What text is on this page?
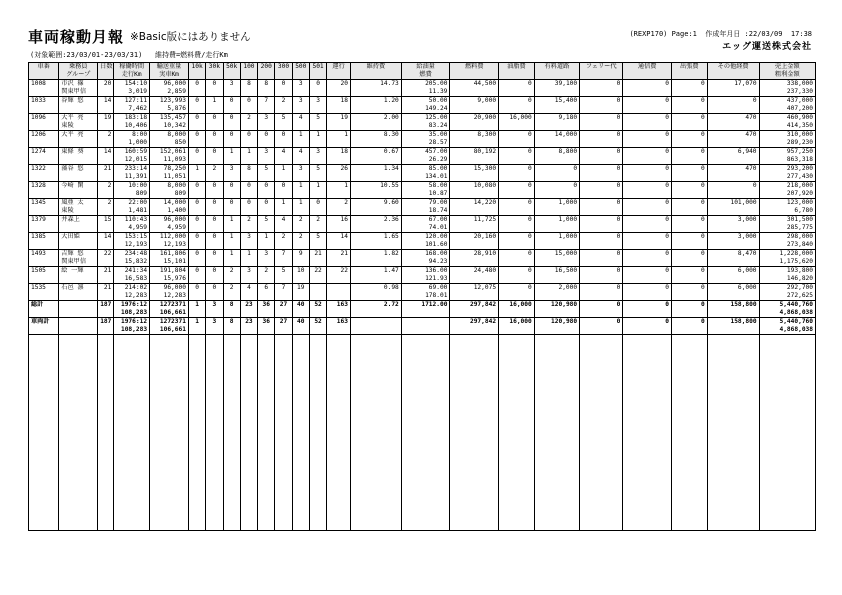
車両稼動月報 ※Basic版にはありません	(REXP170) Page:1 作成年月日 :22/03/09 17:38
エッグ運送株式会社
(対象範囲:23/03/01-23/03/31) 維持費=燃料費/走行Km
車番	乗務員
グループ	日数	稼働時間
走行Km	輸送重量
実車Km	10k	30k	50k	100	200	300	500	501	運行	維持費	給油量
燃費	燃料費	油脂費	有料道路	フェリー代	通信費	出張費	その他経費	売上金額
粗利金額

1008	市沢 篠
関東甲信	20	154:10
3,019	96,000
2,859	0	0	3	8	8	0	3	0	20	14.73	205.00
11.39	44,500	0	39,100	0	0	0	17,070	338,000
237,330

1033	谷輝 悠	14	127:11
7,462	123,993
5,876	0	1	0	0	7	2	3	3	18	1.20	50.00
149.24	9,000	0	15,400	0	0	0	0	437,000
407,200

1096	大平 亮
東陵	19	183:18
10,406	135,457
10,342	0	0	0	2	3	5	4	5	19	2.00	125.00
83.24	20,900	16,000	9,180	0	0	0	470	460,900
414,350

1206	大平 亮	2	8:00
1,000	8,000
850	0	0	0	0	0	0	1	1	1	8.30	35.00
28.57	8,300	0	14,000	0	0	0	470	310,000
289,230

1274	東條 葵	14	160:59
12,015	152,061
11,093	0	0	1	1	3	4	4	3	18	0.67	457.00
26.29	80,192	0	8,800	0	0	0	6,940	957,250
863,318

1322	藻谷 悠	21	233:14
11,391	78,250
11,051	1	2	3	8	5	1	3	5	26	1.34	85.00
134.01	15,300	0	0	0	0	0	470	293,200
277,430

1328	今崎 閑	2	10:00
809	8,000
809	0	0	0	0	0	0	1	1	1	10.55	58.00
10.87	10,080	0	0	0	0	0	0	218,000
207,920

1345	風亜 太
東陵	2	22:00
1,481	14,000
1,400	0	0	0	0	0	1	1	0	2	9.60	79.00
18.74	14,220	0	1,000	0	0	0	101,000	123,000
6,780

1379	井森上	15	110:43
4,959	96,000
4,959	0	0	1	2	5	4	2	2	16	2.36	67.00
74.01	11,725	0	1,000	0	0	0	3,000	301,500
285,775

1385	大田姫	14	153:15
12,193	112,000
12,193	0	0	1	3	1	2	2	5	14	1.65	120.00
101.60	20,160	0	1,000	0	0	0	3,000	298,000
273,840

1493	吉輝 悠
関東甲信	22	234:48
15,832	161,806
15,101	0	0	1	1	3	7	9	21	21	1.82	168.00
94.23	28,910	0	15,000	0	0	0	8,470	1,228,000
1,175,620

1505	絵 一輝	21	241:34
16,583	191,804
15,976	0	0	2	3	2	5	10	22	22	1.47	136.00
121.93	24,480	0	16,500	0	0	0	6,000	193,800
146,820

1535	石邑 凛	21	214:02
12,283	96,000
12,283	0	0	2	4	6	7	19			0.98	69.00
178.01	12,075	0	2,000	0	0	0	6,000	292,700
272,625

総計		187	1976:12
108,283	1272371
106,661	1	3	8	23	36	27	40	52	163	2.72	1712.00	297,842	16,000	120,980	0	0	0	158,800	5,440,760
4,868,038

車両計		187	1976:12
108,283	1272371
106,661	1	3	8	23	36	27	40	52	163			297,842	16,000	120,980	0	0	0	158,800	5,440,760
4,868,038
